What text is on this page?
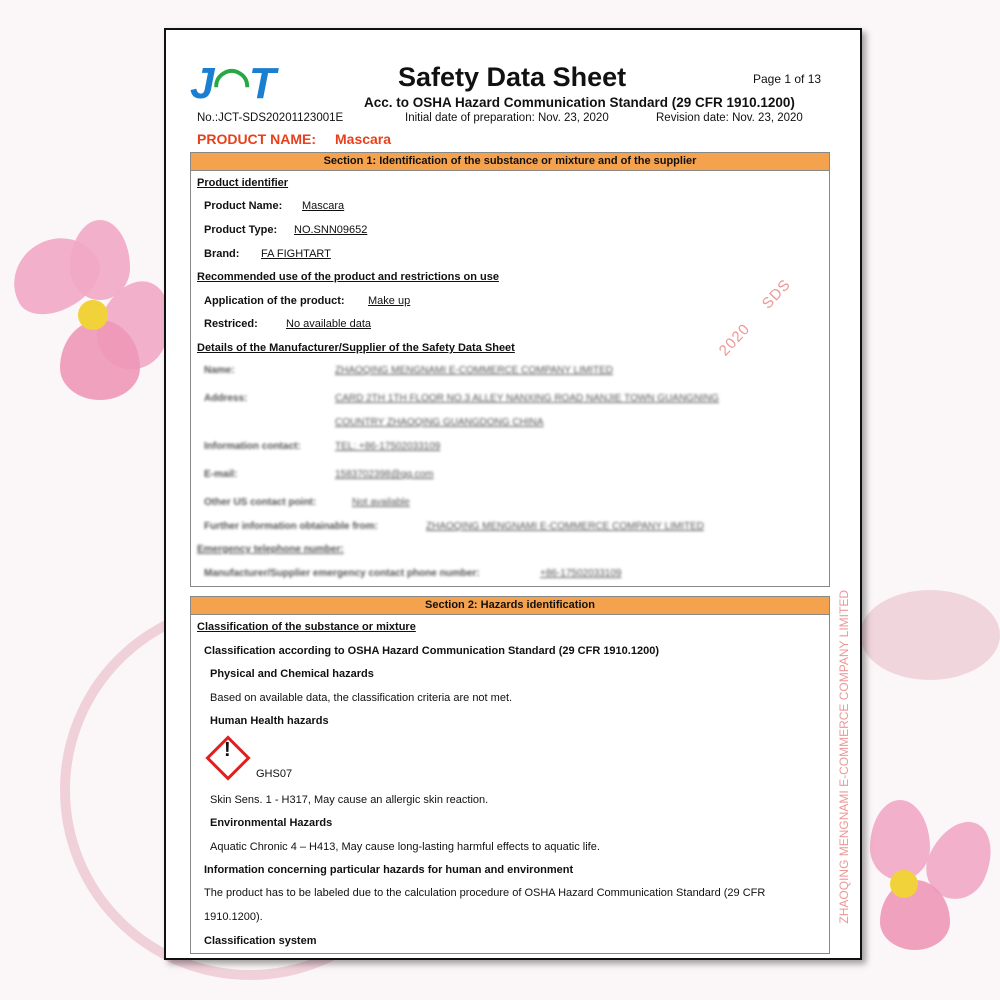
J◠T	Safety Data Sheet	Page 1 of 13
Acc. to OSHA Hazard Communication Standard (29 CFR 1910.1200)
No.:JCT-SDS20201123001E	Initial date of preparation: Nov. 23, 2020	Revision date: Nov. 23, 2020
PRODUCT NAME: Mascara
Section 1: Identification of the substance or mixture and of the supplier
Product identifier
Product Name: Mascara
Product Type: NO.SNN09652
Brand: FA FIGHTART
Recommended use of the product and restrictions on use
Application of the product: Make up
Restriced:	No available data
Details of the Manufacturer/Supplier of the Safety Data Sheet
Name:	ZHAOQING MENGNAMI E-COMMERCE COMPANY LIMITED
Address:	CARD 2TH 1TH FLOOR NO.3 ALLEY NANXING ROAD NANJIE TOWN GUANGNING
COUNTRY ZHAOQING GUANGDONG CHINA
Information contact:	TEL: +86-17502033109
E-mail:	1583702398@qq.com
Other US contact point:	Not available
Further information obtainable from:	ZHAOQING MENGNAMI E-COMMERCE COMPANY LIMITED
Emergency telephone number:
Manufacturer/Supplier emergency contact phone number:	+86-17502033109
Section 2: Hazards identification
Classification of the substance or mixture
Classification according to OSHA Hazard Communication Standard (29 CFR 1910.1200)
Physical and Chemical hazards
Based on available data, the classification criteria are not met.
Human Health hazards
!
GHS07
Skin Sens. 1 - H317, May cause an allergic skin reaction.
Environmental Hazards
Aquatic Chronic 4 – H413, May cause long-lasting harmful effects to aquatic life.
Information concerning particular hazards for human and environment
The product has to be labeled due to the calculation procedure of OSHA Hazard Communication Standard (29 CFR
1910.1200).
Classification system
ZHAOQING MENGNAMI E-COMMERCE COMPANY LIMITED
2020
SDS
